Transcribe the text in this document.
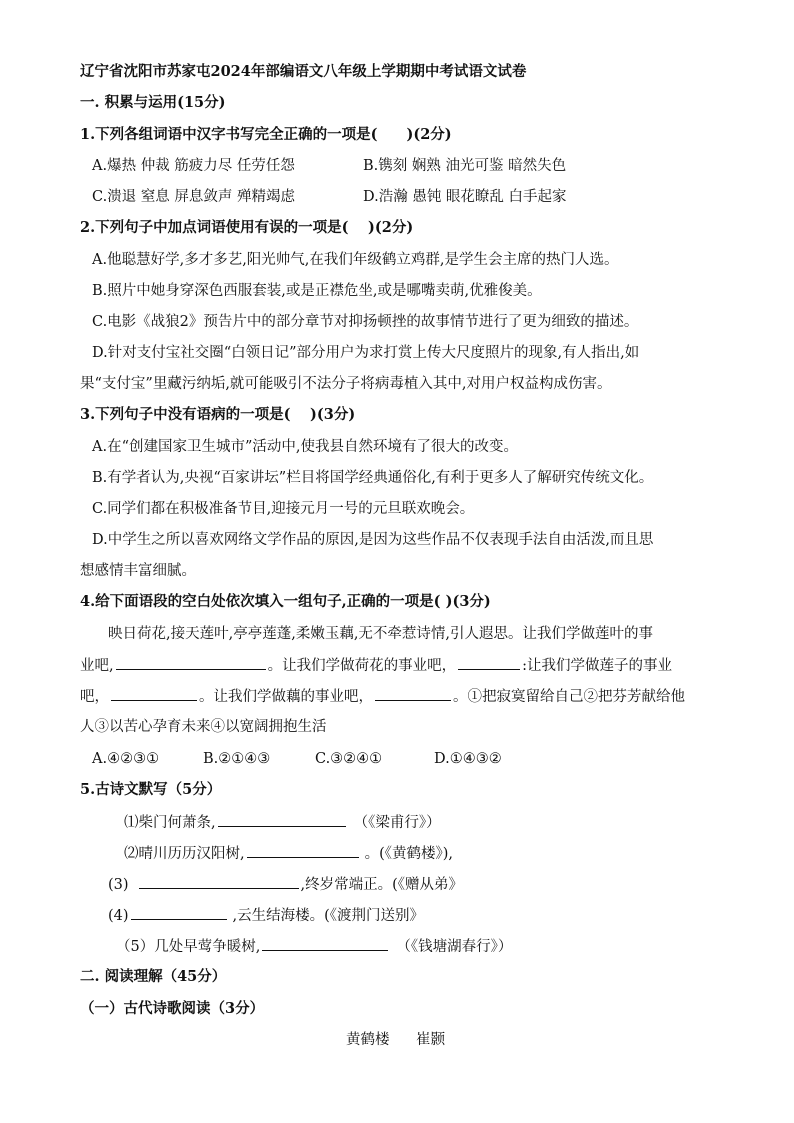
辽宁省沈阳市苏家屯2024年部编语文八年级上学期期中考试语文试卷
一. 积累与运用(15分)
1.下列各组词语中汉字书写完全正确的一项是(　　)(2分)
A.爆热 仲裁 筋疲力尽 任劳任怨	B.镌刻 娴熟 油光可鉴 暗然失色
C.溃退 窒息 屏息敛声 殚精竭虑	D.浩瀚 愚钝 眼花瞭乱 白手起家
2.下列句子中加点词语使用有误的一项是(　 )(2分)
A.他聪慧好学,多才多艺,阳光帅气,在我们年级鹤立鸡群,是学生会主席的热门人选。
B.照片中她身穿深色西服套装,或是正襟危坐,或是哪嘴卖萌,优雅俊美。
C.电影《战狼2》预告片中的部分章节对抑扬顿挫的故事情节进行了更为细致的描述。
D.针对支付宝社交圈“白领日记”部分用户为求打赏上传大尺度照片的现象,有人指出,如
果“支付宝”里藏污纳垢,就可能吸引不法分子将病毒植入其中,对用户权益构成伤害。
3.下列句子中没有语病的一项是(　 )(3分)
A.在“创建国家卫生城市”活动中,使我县自然环境有了很大的改变。
B.有学者认为,央视“百家讲坛”栏目将国学经典通俗化,有利于更多人了解研究传统文化。
C.同学们都在积极准备节目,迎接元月一号的元旦联欢晚会。
D.中学生之所以喜欢网络文学作品的原因,是因为这些作品不仅表现手法自由活泼,而且思
想感情丰富细腻。
4.给下面语段的空白处依次填入一组句子,正确的一项是( )(3分)
映日荷花,接天莲叶,亭亭莲蓬,柔嫩玉藕,无不牵惹诗情,引人遐思。让我们学做莲叶的事
业吧,	。让我们学做荷花的事业吧，	:让我们学做莲子的事业
吧，	。让我们学做藕的事业吧，	。①把寂寞留给自己②把芬芳献给他
人③以苦心孕育未来④以宽阔拥抱生活
A.④②③①	B.②①④③	C.③②④①	D.①④③②
5.古诗文默写（5分）
⑴柴门何萧条,	（《梁甫行》）
⑵晴川历历汉阳树,	。(《黄鹤楼》),
(3)	,终岁常端正。(《赠从弟》
(4)	,云生结海楼。(《渡荆门送别》
（5）几处早莺争暖树,	（《钱塘湖春行》）
二. 阅读理解（45分）
（一）古代诗歌阅读（3分）
黄鹤楼 崔颢
